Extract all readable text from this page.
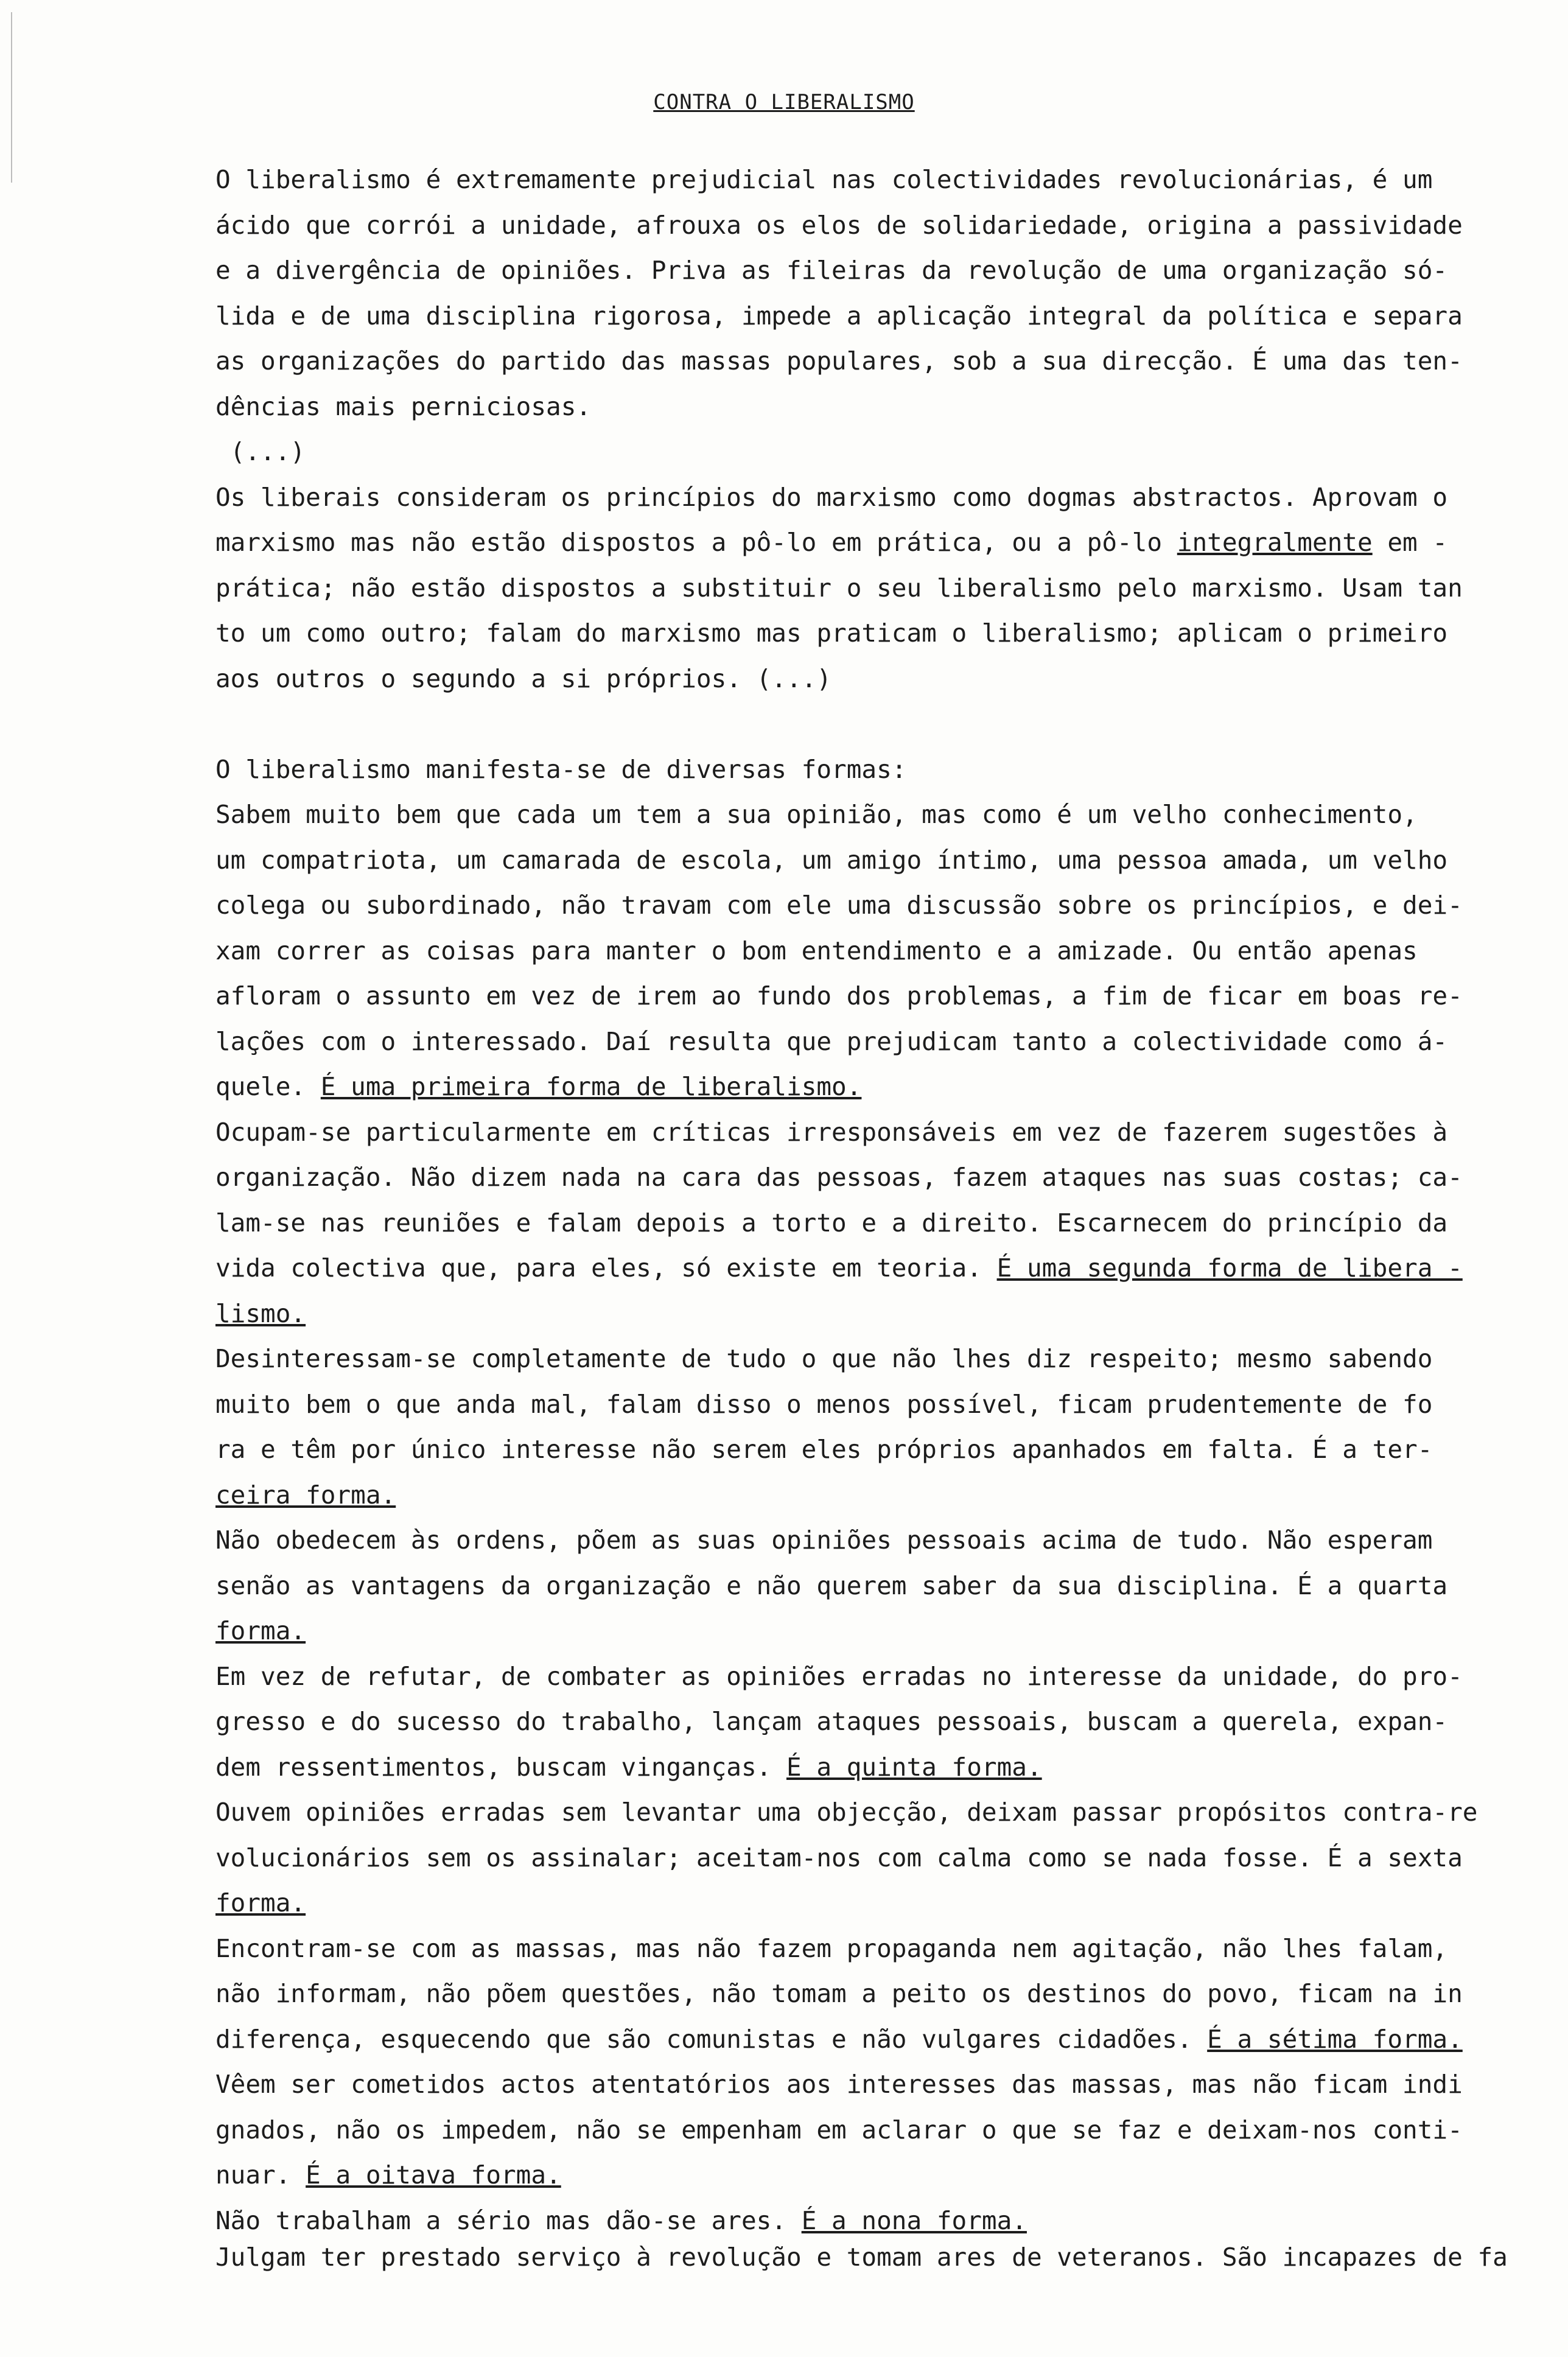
CONTRA O LIBERALISMO
O liberalismo é extremamente prejudicial nas colectividades revolucionárias, é um
ácido que corrói a unidade, afrouxa os elos de solidariedade, origina a passividade
e a divergência de opiniões. Priva as fileiras da revolução de uma organização só-
lida e de uma disciplina rigorosa, impede a aplicação integral da política e separa
as organizações do partido das massas populares, sob a sua direcção. É uma das ten-
dências mais perniciosas.
(...)
Os liberais consideram os princípios do marxismo como dogmas abstractos. Aprovam o
marxismo mas não estão dispostos a pô-lo em prática, ou a pô-lo integralmente em -
prática; não estão dispostos a substituir o seu liberalismo pelo marxismo. Usam tan
to um como outro; falam do marxismo mas praticam o liberalismo; aplicam o primeiro
aos outros o segundo a si próprios. (...)
O liberalismo manifesta-se de diversas formas:
Sabem muito bem que cada um tem a sua opinião, mas como é um velho conhecimento,
um compatriota, um camarada de escola, um amigo íntimo, uma pessoa amada, um velho
colega ou subordinado, não travam com ele uma discussão sobre os princípios, e dei-
xam correr as coisas para manter o bom entendimento e a amizade. Ou então apenas
afloram o assunto em vez de irem ao fundo dos problemas, a fim de ficar em boas re-
lações com o interessado. Daí resulta que prejudicam tanto a colectividade como á-
quele. É uma primeira forma de liberalismo.
Ocupam-se particularmente em críticas irresponsáveis em vez de fazerem sugestões à
organização. Não dizem nada na cara das pessoas, fazem ataques nas suas costas; ca-
lam-se nas reuniões e falam depois a torto e a direito. Escarnecem do princípio da
vida colectiva que, para eles, só existe em teoria. É uma segunda forma de libera -
lismo.
Desinteressam-se completamente de tudo o que não lhes diz respeito; mesmo sabendo
muito bem o que anda mal, falam disso o menos possível, ficam prudentemente de fo
ra e têm por único interesse não serem eles próprios apanhados em falta. É a ter-
ceira forma.
Não obedecem às ordens, põem as suas opiniões pessoais acima de tudo. Não esperam
senão as vantagens da organização e não querem saber da sua disciplina. É a quarta
forma.
Em vez de refutar, de combater as opiniões erradas no interesse da unidade, do pro-
gresso e do sucesso do trabalho, lançam ataques pessoais, buscam a querela, expan-
dem ressentimentos, buscam vinganças. É a quinta forma.
Ouvem opiniões erradas sem levantar uma objecção, deixam passar propósitos contra-re
volucionários sem os assinalar; aceitam-nos com calma como se nada fosse. É a sexta
forma.
Encontram-se com as massas, mas não fazem propaganda nem agitação, não lhes falam,
não informam, não põem questões, não tomam a peito os destinos do povo, ficam na in
diferença, esquecendo que são comunistas e não vulgares cidadões. É a sétima forma.
Vêem ser cometidos actos atentatórios aos interesses das massas, mas não ficam indi
gnados, não os impedem, não se empenham em aclarar o que se faz e deixam-nos conti-
nuar. É a oitava forma.
Não trabalham a sério mas dão-se ares. É a nona forma.
Julgam ter prestado serviço à revolução e tomam ares de veteranos. São incapazes de fa
